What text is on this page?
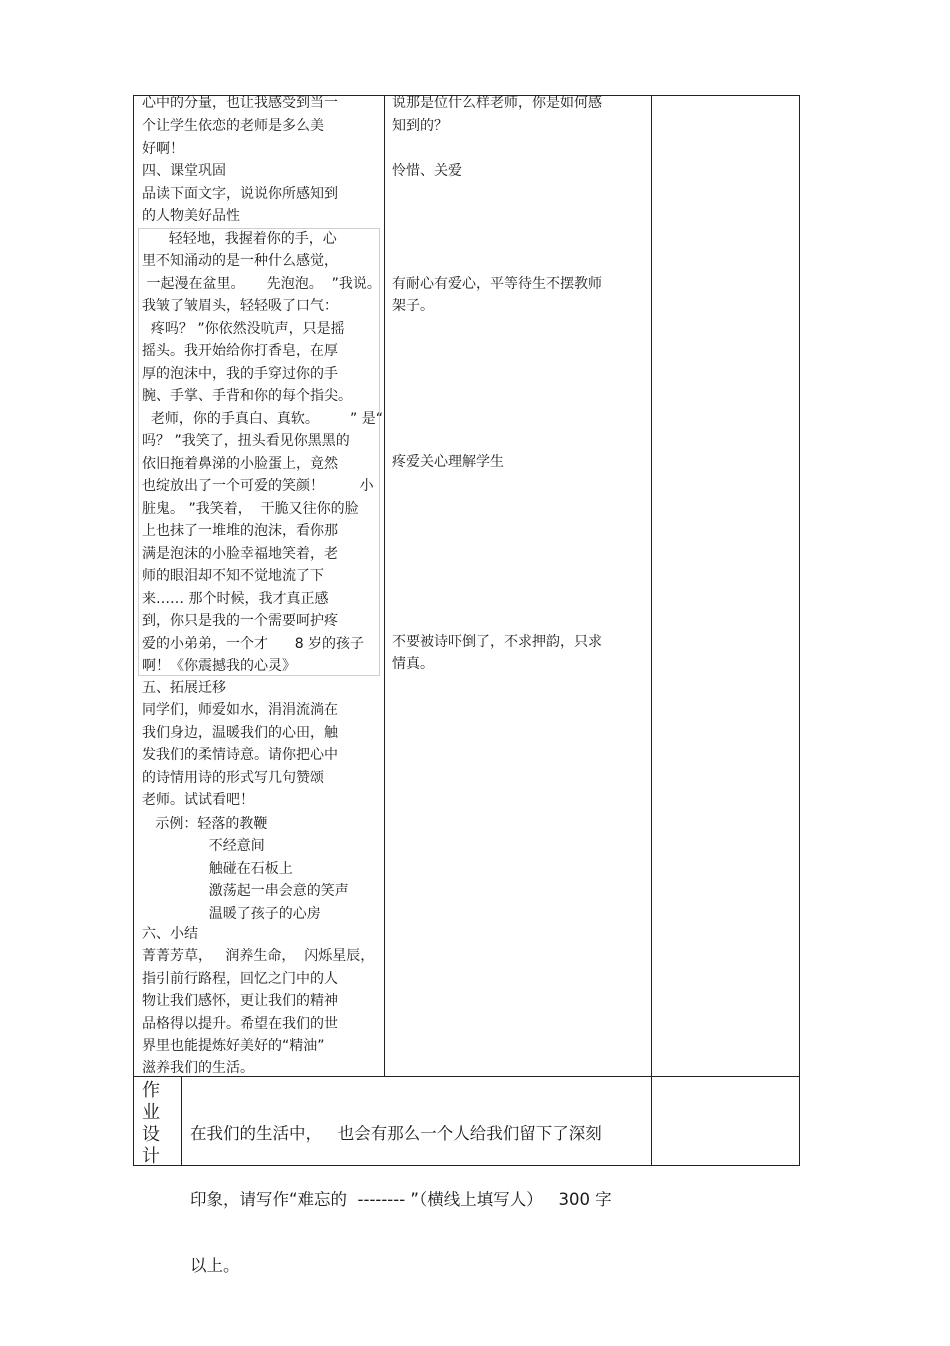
心中的分量，也让我感受到当一
个让学生依恋的老师是多么美
好啊！
四、课堂巩固
品读下面文字，说说你所感知到
的人物美好品性
轻轻地，我握着你的手，心
里不知涌动的是一种什么感觉，
一起漫在盆里。     先泡泡。  ”我说。
我皱了皱眉头，轻轻吸了口气：
疼吗？ ”你依然没吭声，只是摇
摇头。我开始给你打香皂，在厚
厚的泡沫中，我的手穿过你的手
腕、手掌、手背和你的每个指尖。
老师，你的手真白、真软。       ” 是“
吗？ ”我笑了，扭头看见你黑黑的
依旧拖着鼻涕的小脸蛋上，竟然
也绽放出了一个可爱的笑颜！        小
脏鬼。 ”我笑着，  干脆又往你的脸
上也抹了一堆堆的泡沫，看你那
满是泡沫的小脸幸福地笑着，老
师的眼泪却不知不觉地流了下
来…… 那个时候，我才真正感
到，你只是我的一个需要呵护疼
爱的小弟弟，一个才      8 岁的孩子
啊！《你震撼我的心灵》
五、拓展迁移
同学们，师爱如水，涓涓流淌在
我们身边，温暖我们的心田，触
发我们的柔情诗意。请你把心中
的诗情用诗的形式写几句赞颂
老师。试试看吧！
示例：轻落的教鞭
不经意间
触碰在石板上
激荡起一串会意的笑声
温暖了孩子的心房
六、小结
菁菁芳草，   润养生命，  闪烁星辰，
指引前行路程，回忆之门中的人
物让我们感怀，更让我们的精神
品格得以提升。希望在我们的世
界里也能提炼好美好的“精油”
滋养我们的生活。
说那是位什么样老师，你是如何感
知到的？
怜惜、关爱
有耐心有爱心，平等待生不摆教师
架子。
疼爱关心理解学生
不要被诗吓倒了，不求押韵，只求
情真。
作
业
设
计

在我们的生活中，   也会有那么一个人给我们留下了深刻

印象，请写作“难忘的  -------- ”（横线上填写人）   300 字

以上。
